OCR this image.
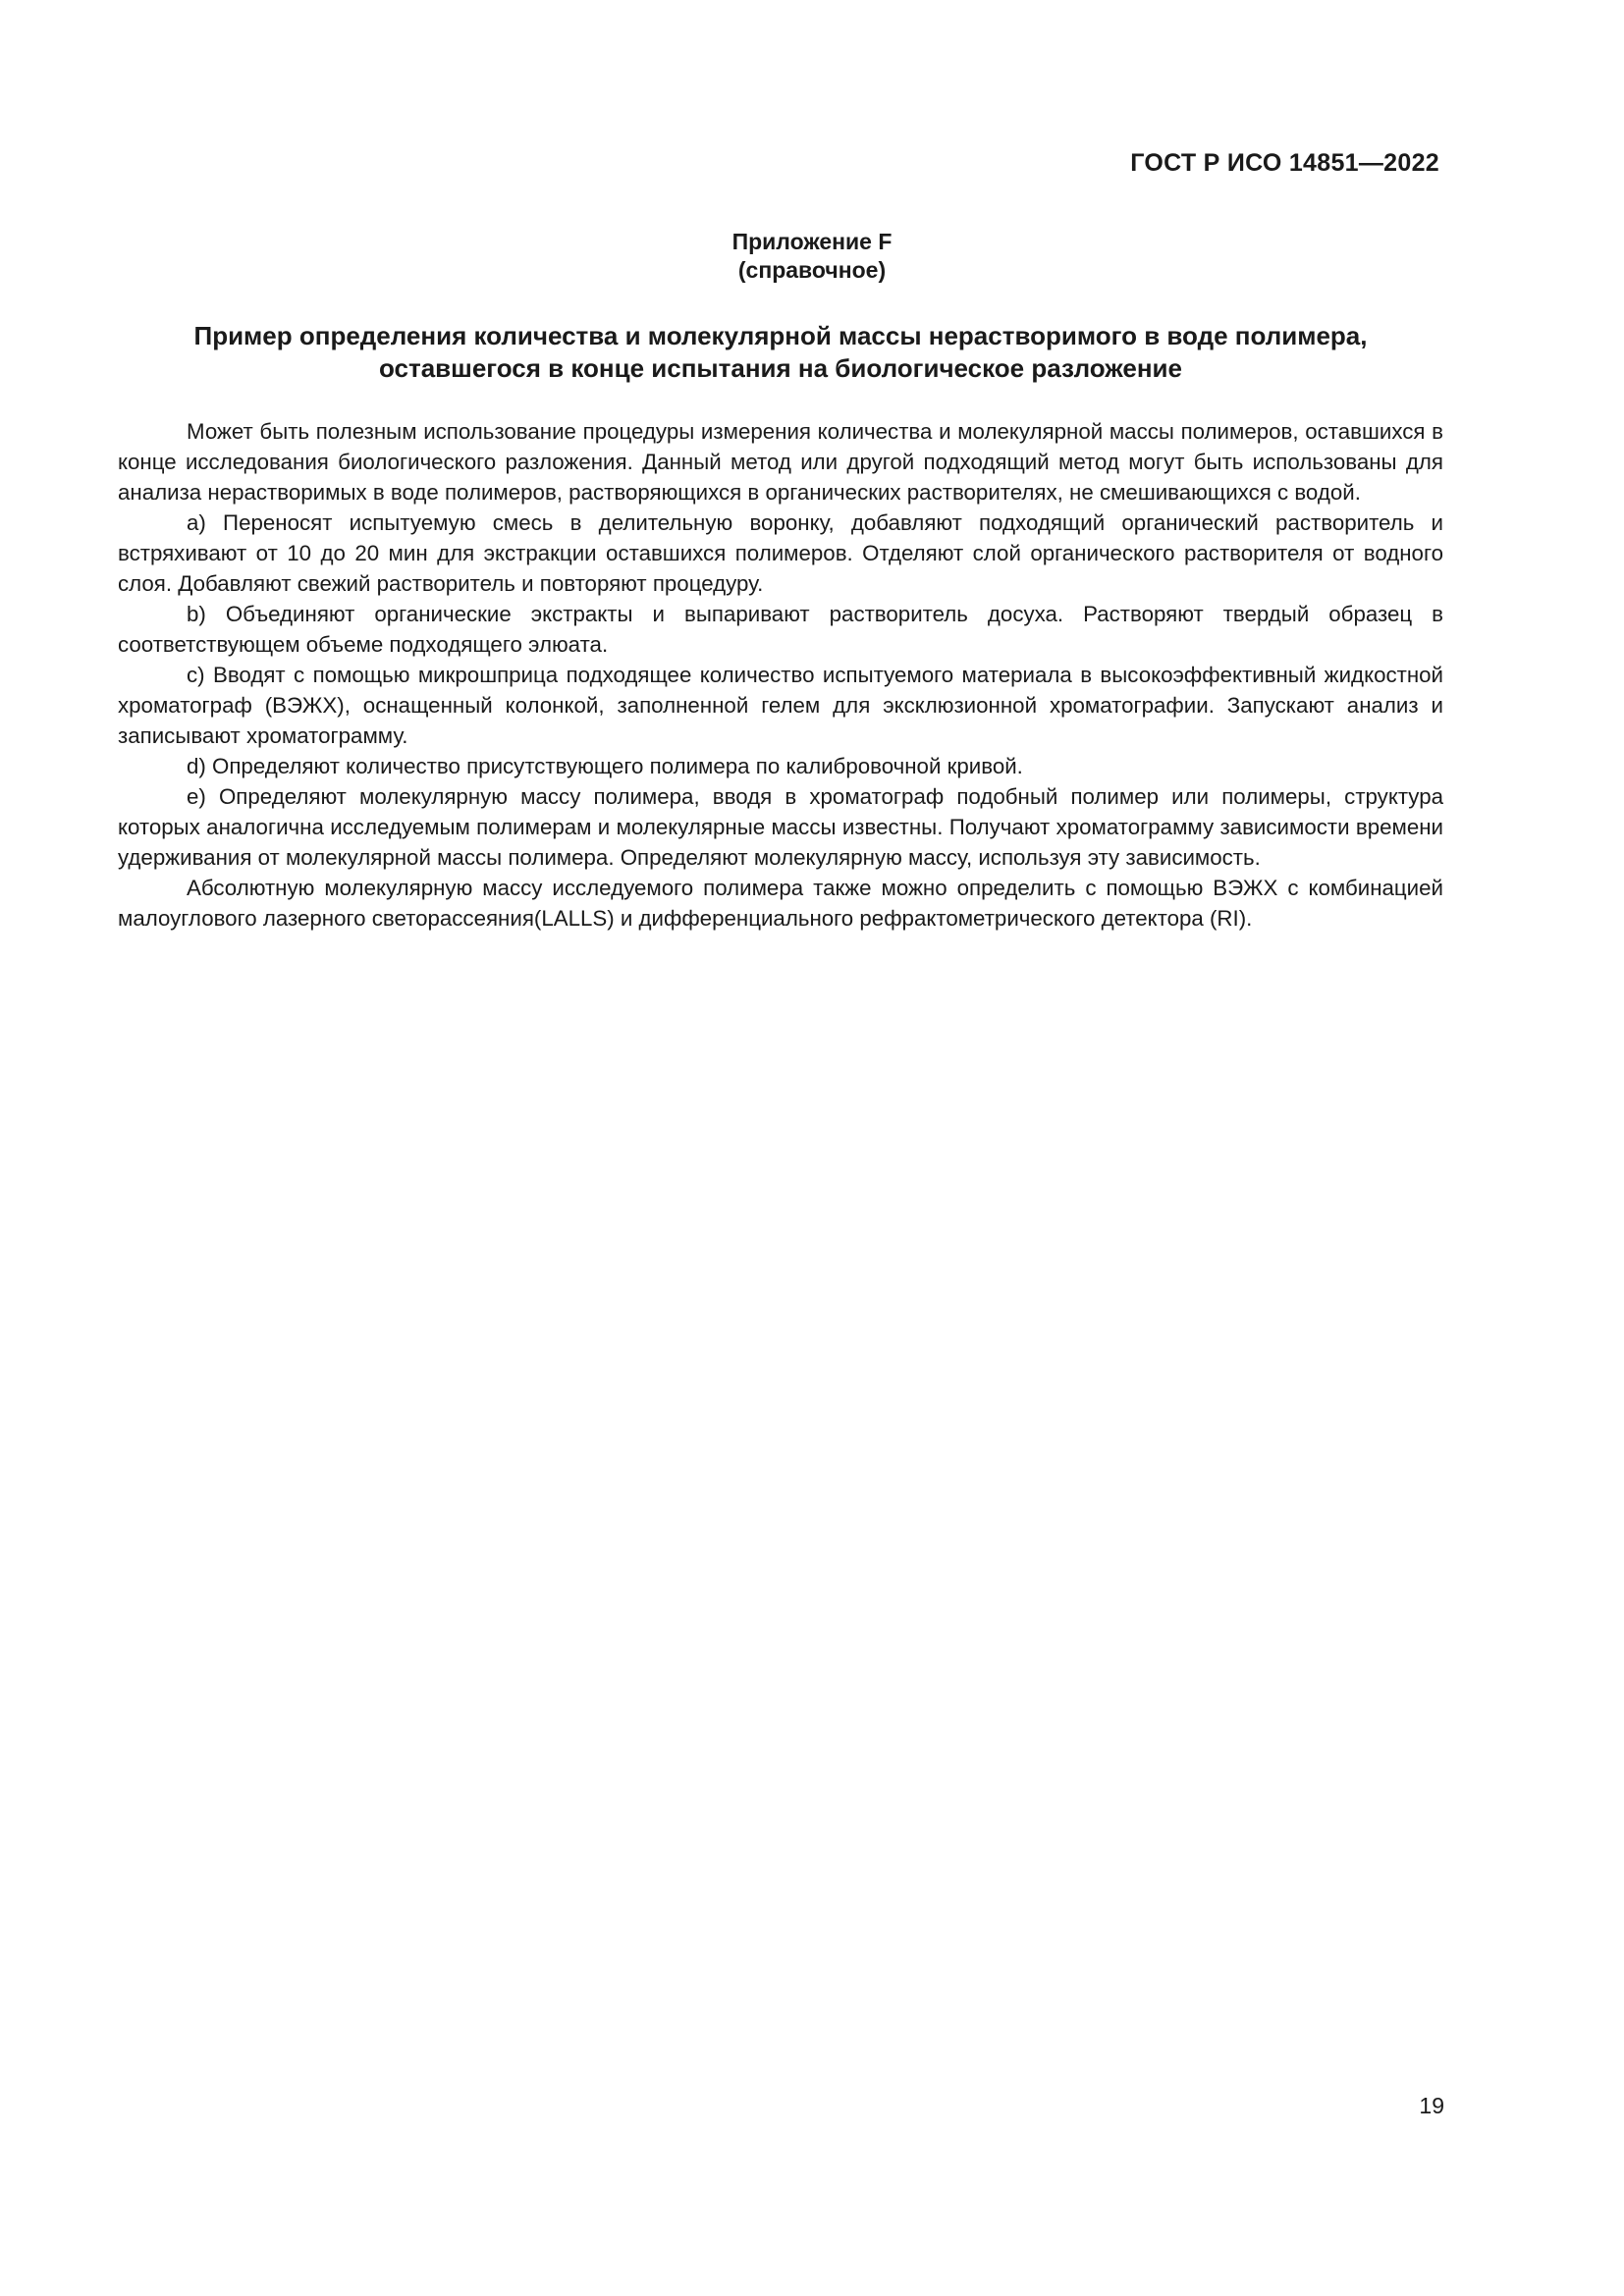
ГОСТ Р ИСО 14851—2022
Приложение F
(справочное)
Пример определения количества и молекулярной массы нерастворимого в воде полимера,
оставшегося в конце испытания на биологическое разложение

Может быть полезным использование процедуры измерения количества и молекулярной массы полимеров, оставшихся в конце исследования биологического разложения. Данный метод или другой подходящий метод могут быть использованы для анализа нерастворимых в воде полимеров, растворяющихся в органических растворителях, не смешивающихся с водой.

a) Переносят испытуемую смесь в делительную воронку, добавляют подходящий органический растворитель и встряхивают от 10 до 20 мин для экстракции оставшихся полимеров. Отделяют слой органического растворителя от водного слоя. Добавляют свежий растворитель и повторяют процедуру.

b) Объединяют органические экстракты и выпаривают растворитель досуха. Растворяют твердый образец в соответствующем объеме подходящего элюата.

c) Вводят с помощью микрошприца подходящее количество испытуемого материала в высокоэффективный жидкостной хроматограф (ВЭЖХ), оснащенный колонкой, заполненной гелем для эксклюзионной хроматографии. Запускают анализ и записывают хроматограмму.

d) Определяют количество присутствующего полимера по калибровочной кривой.

e) Определяют молекулярную массу полимера, вводя в хроматограф подобный полимер или полимеры, структура которых аналогична исследуемым полимерам и молекулярные массы известны. Получают хроматограмму зависимости времени удерживания от молекулярной массы полимера. Определяют молекулярную массу, используя эту зависимость.

Абсолютную молекулярную массу исследуемого полимера также можно определить с помощью ВЭЖХ с комбинацией малоуглового лазерного светорассеяния(LALLS) и дифференциального рефрактометрического детектора (RI).

19
